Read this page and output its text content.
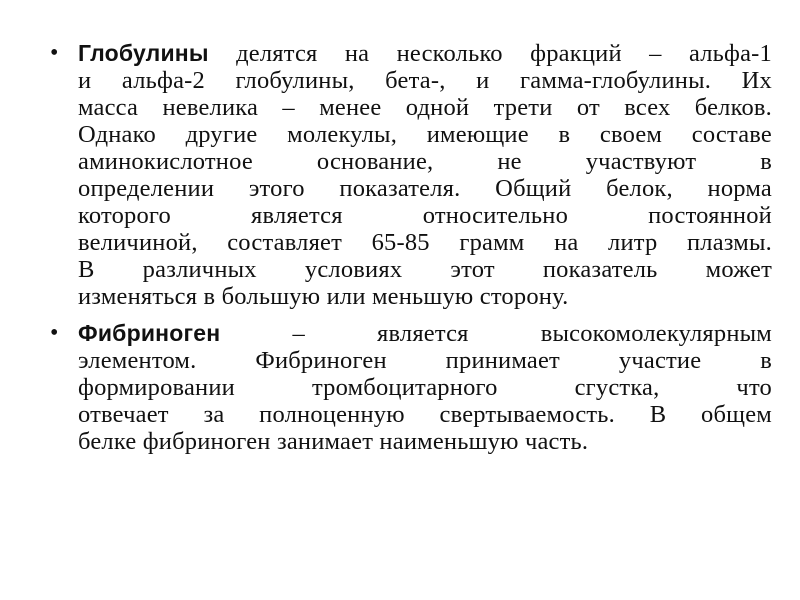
• Глобулины делятся на несколько фракций – альфа-1
и альфа-2 глобулины, бета-, и гамма-глобулины. Их
масса невелика – менее одной трети от всех белков.
Однако другие молекулы, имеющие в своем составе
аминокислотное основание, не участвуют в
определении этого показателя. Общий белок, норма
которого является относительно постоянной
величиной, составляет 65-85 грамм на литр плазмы.
В различных условиях этот показатель может
изменяться в большую или меньшую сторону.
• Фибриноген – является высокомолекулярным
элементом. Фибриноген принимает участие в
формировании тромбоцитарного сгустка, что
отвечает за полноценную свертываемость. В общем
белке фибриноген занимает наименьшую часть.
